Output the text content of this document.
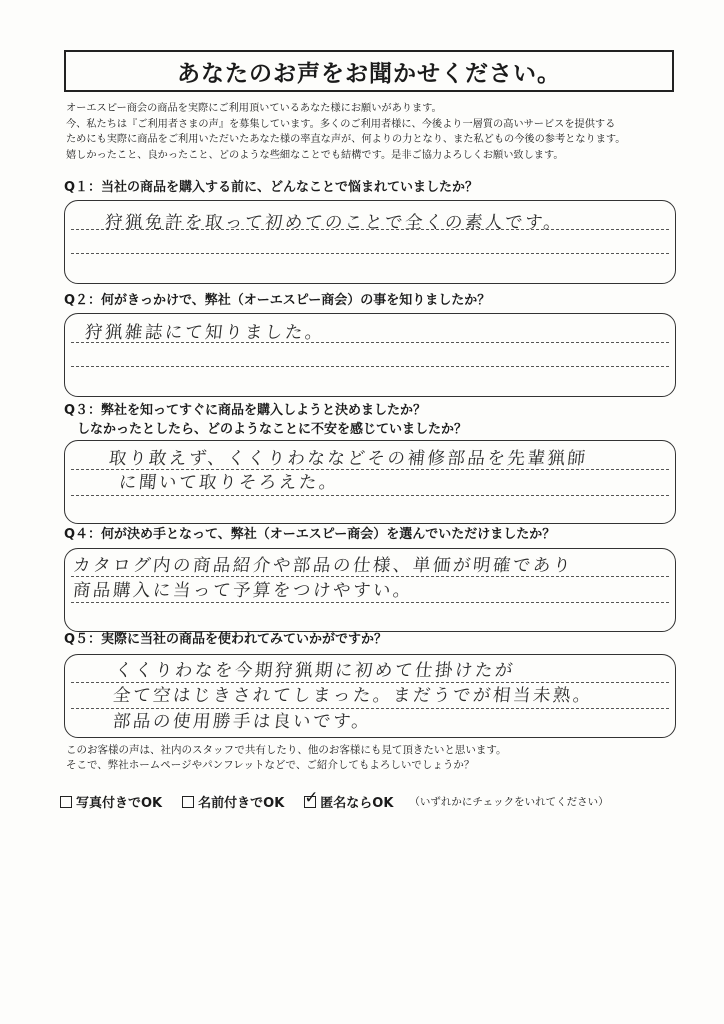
あなたのお声をお聞かせください。
オーエスピー商会の商品を実際にご利用頂いているあなた様にお願いがあります。
今、私たちは『ご利用者さまの声』を募集しています。多くのご利用者様に、今後より一層質の高いサービスを提供する
ためにも実際に商品をご利用いただいたあなた様の率直な声が、何よりの力となり、また私どもの今後の参考となります。
嬉しかったこと、良かったこと、どのような些細なことでも結構です。是非ご協力よろしくお願い致します。
Q１：当社の商品を購入する前に、どんなことで悩まれていましたか？
狩猟免許を取って初めてのことで全くの素人です。
Q２：何がきっかけで、弊社（オーエスピー商会）の事を知りましたか？
狩猟雑誌にて知りました。
Q３：弊社を知ってすぐに商品を購入しようと決めましたか？
　しなかったとしたら、どのようなことに不安を感じていましたか？
取り敢えず、くくりわななどその補修部品を先輩猟師
に聞いて取りそろえた。
Q４：何が決め手となって、弊社（オーエスピー商会）を選んでいただけましたか？
カタログ内の商品紹介や部品の仕様、単価が明確であり
商品購入に当って予算をつけやすい。
Q５：実際に当社の商品を使われてみていかがですか？
くくりわなを今期狩猟期に初めて仕掛けたが
全て空はじきされてしまった。まだうでが相当未熟。
部品の使用勝手は良いです。
このお客様の声は、社内のスタッフで共有したり、他のお客様にも見て頂きたいと思います。
そこで、弊社ホームページやパンフレットなどで、ご紹介してもよろしいでしょうか？
写真付きでOK	名前付きでOK ✓ 匿名ならOK （いずれかにチェックをいれてください）
